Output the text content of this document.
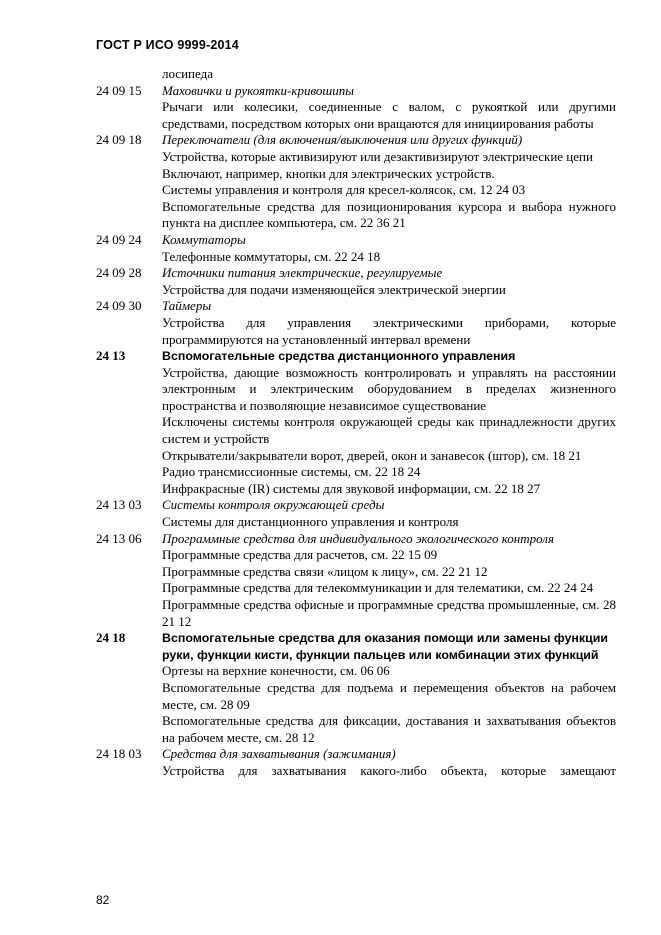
ГОСТ Р ИСО 9999-2014
лосипеда
24 09 15	Маховички и рукоятки-кривошипы
Рычаги или колесики, соединенные с валом, с рукояткой или другими средствами, посредством которых они вращаются для инициирования работы
24 09 18	Переключатели (для включения/выключения или других функций)
Устройства, которые активизируют или дезактивизируют электрические цепи
Включают, например, кнопки для электрических устройств.
Системы управления и контроля для кресел-колясок, см. 12 24 03
Вспомогательные средства для позиционирования курсора и выбора нужного пункта на дисплее компьютера, см. 22 36 21
24 09 24	Коммутаторы
Телефонные коммутаторы, см. 22 24 18
24 09 28	Источники питания электрические, регулируемые
Устройства для подачи изменяющейся электрической энергии
24 09 30	Таймеры
Устройства для управления электрическими приборами, которые программируются на установленный интервал времени
24 13	Вспомогательные средства дистанционного управления
Устройства, дающие возможность контролировать и управлять на расстоянии электронным и электрическим оборудованием в пределах жизненного пространства и позволяющие независимое существование
Исключены системы контроля окружающей среды как принадлежности других систем и устройств
Открыватели/закрыватели ворот, дверей, окон и занавесок (штор), см. 18 21
Радио трансмиссионные системы, см. 22 18 24
Инфракрасные (IR) системы для звуковой информации, см. 22 18 27
24 13 03	Системы контроля окружающей среды
Системы для дистанционного управления и контроля
24 13 06	Программные средства для индивидуального экологического контроля
Программные средства для расчетов, см. 22 15 09
Программные средства связи «лицом к лицу», см. 22 21 12
Программные средства для телекоммуникации и для телематики, см. 22 24 24
Программные средства офисные и программные средства промышленные, см. 28 21 12
24 18	Вспомогательные средства для оказания помощи или замены функции руки, функции кисти, функции пальцев или комбинации этих функций
Ортезы на верхние конечности, см. 06 06
Вспомогательные средства для подъема и перемещения объектов на рабочем месте, см. 28 09
Вспомогательные средства для фиксации, доставания и захватывания объектов на рабочем месте, см. 28 12
24 18 03	Средства для захватывания (зажимания)
Устройства для захватывания какого-либо объекта, которые замещают
82
